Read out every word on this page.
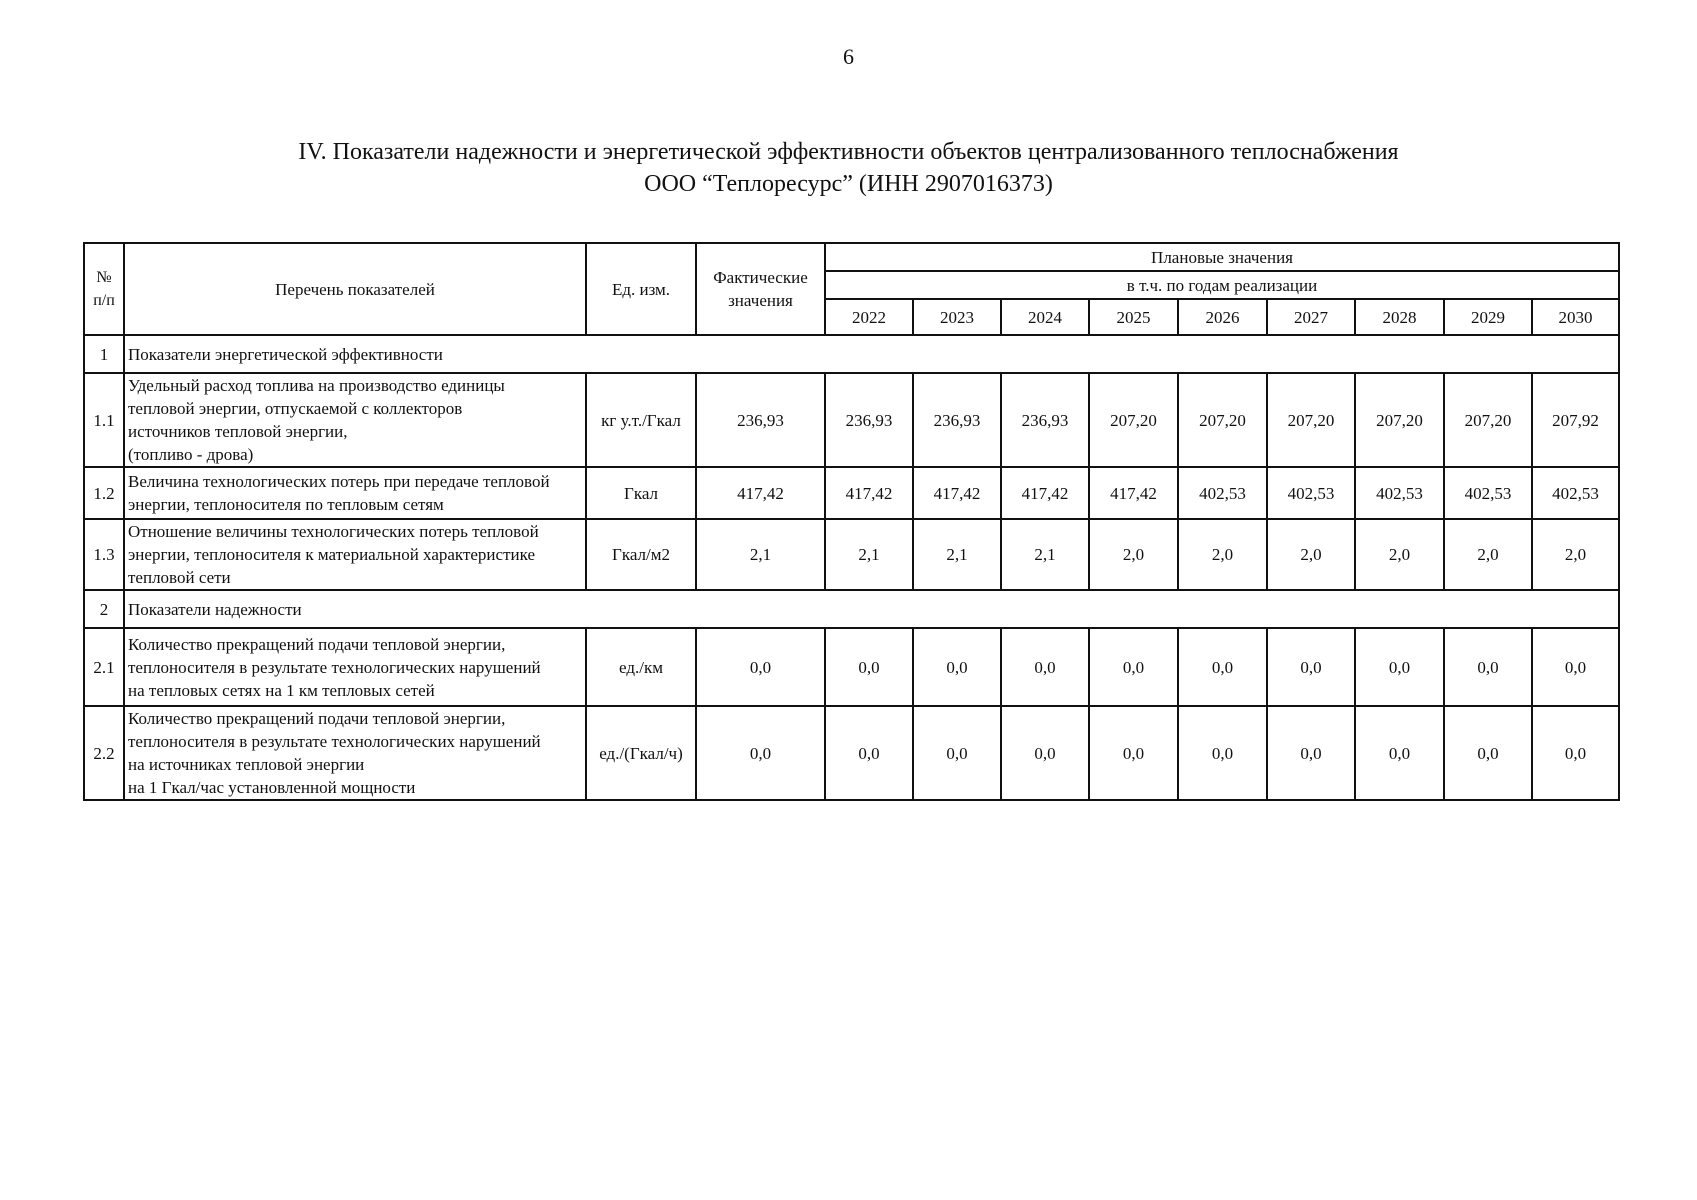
6
IV. Показатели надежности и энергетической эффективности объектов централизованного теплоснабжения
ООО “Теплоресурс” (ИНН 2907016373)
№ п/п	Перечень показателей	Ед. изм.	Фактические значения	Плановые значения								
				в т.ч. по годам реализации								
				2022	2023	2024	2025	2026	2027	2028	2029	2030
1	Показатели энергетической эффективности											
1.1	Удельный расход топлива на производство единицы
тепловой энергии, отпускаемой с коллекторов
источников тепловой энергии,
(топливо - дрова)	кг у.т./Гкал	236,93	236,93	236,93	236,93	207,20	207,20	207,20	207,20	207,20	207,92
1.2	Величина технологических потерь при передаче тепловой
энергии, теплоносителя по тепловым сетям	Гкал	417,42	417,42	417,42	417,42	417,42	402,53	402,53	402,53	402,53	402,53
1.3	Отношение величины технологических потерь тепловой
энергии, теплоносителя к материальной характеристике
тепловой сети	Гкал/м2	2,1	2,1	2,1	2,1	2,0	2,0	2,0	2,0	2,0	2,0
2	Показатели надежности											
2.1	Количество прекращений подачи тепловой энергии,
теплоносителя в результате технологических нарушений
на тепловых сетях на 1 км тепловых сетей	ед./км	0,0	0,0	0,0	0,0	0,0	0,0	0,0	0,0	0,0	0,0
2.2	Количество прекращений подачи тепловой энергии,
теплоносителя в результате технологических нарушений
на источниках тепловой энергии
на 1 Гкал/час установленной мощности	ед./(Гкал/ч)	0,0	0,0	0,0	0,0	0,0	0,0	0,0	0,0	0,0	0,0
